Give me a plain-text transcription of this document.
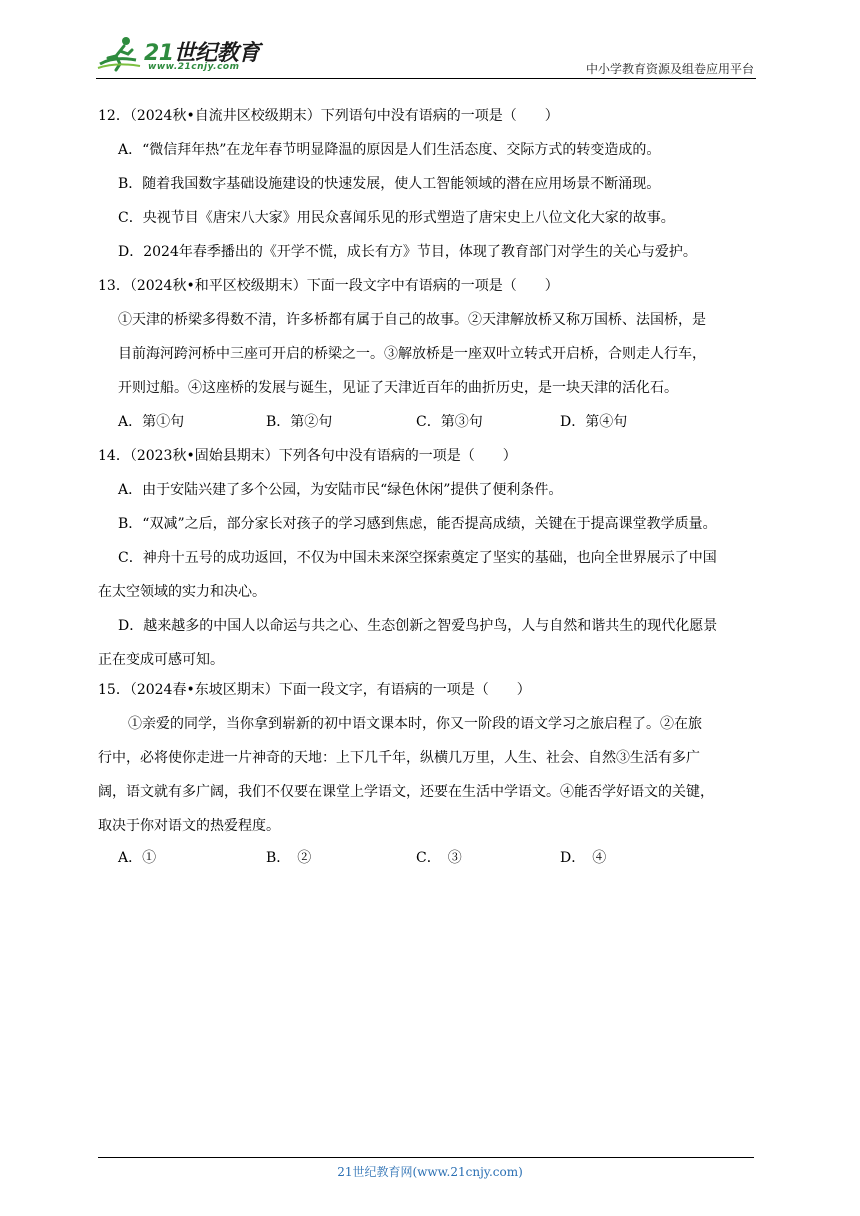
21世纪教育
www.21cnjy.com	中小学教育资源及组卷应用平台
12．（2024秋•自流井区校级期末）下列语句中没有语病的一项是（　　）
A．“微信拜年热”在龙年春节明显降温的原因是人们生活态度、交际方式的转变造成的。
B．随着我国数字基础设施建设的快速发展，使人工智能领域的潜在应用场景不断涌现。
C．央视节目《唐宋八大家》用民众喜闻乐见的形式塑造了唐宋史上八位文化大家的故事。
D．2024年春季播出的《开学不慌，成长有方》节目，体现了教育部门对学生的关心与爱护。
13．（2024秋•和平区校级期末）下面一段文字中有语病的一项是（　　）
①天津的桥梁多得数不清，许多桥都有属于自己的故事。②天津解放桥又称万国桥、法国桥，是
目前海河跨河桥中三座可开启的桥梁之一。③解放桥是一座双叶立转式开启桥，合则走人行车，
开则过船。④这座桥的发展与诞生，见证了天津近百年的曲折历史，是一块天津的活化石。
A．第①句	B．第②句	C．第③句	D．第④句
14．（2023秋•固始县期末）下列各句中没有语病的一项是（　　）
A．由于安陆兴建了多个公园，为安陆市民“绿色休闲”提供了便利条件。
B．“双减”之后，部分家长对孩子的学习感到焦虑，能否提高成绩，关键在于提高课堂教学质量。
C．神舟十五号的成功返回，不仅为中国未来深空探索奠定了坚实的基础，也向全世界展示了中国
在太空领域的实力和决心。
D．越来越多的中国人以命运与共之心、生态创新之智爱鸟护鸟，人与自然和谐共生的现代化愿景
正在变成可感可知。
15．（2024春•东坡区期末）下面一段文字，有语病的一项是（　　）
①亲爱的同学，当你拿到崭新的初中语文课本时，你又一阶段的语文学习之旅启程了。②在旅
行中，必将使你走进一片神奇的天地：上下几千年，纵横几万里，人生、社会、自然③生活有多广
阔，语文就有多广阔，我们不仅要在课堂上学语文，还要在生活中学语文。④能否学好语文的关键，
取决于你对语文的热爱程度。
A．①	B．　②	C．　③	D．　④
21世纪教育网(www.21cnjy.com)
